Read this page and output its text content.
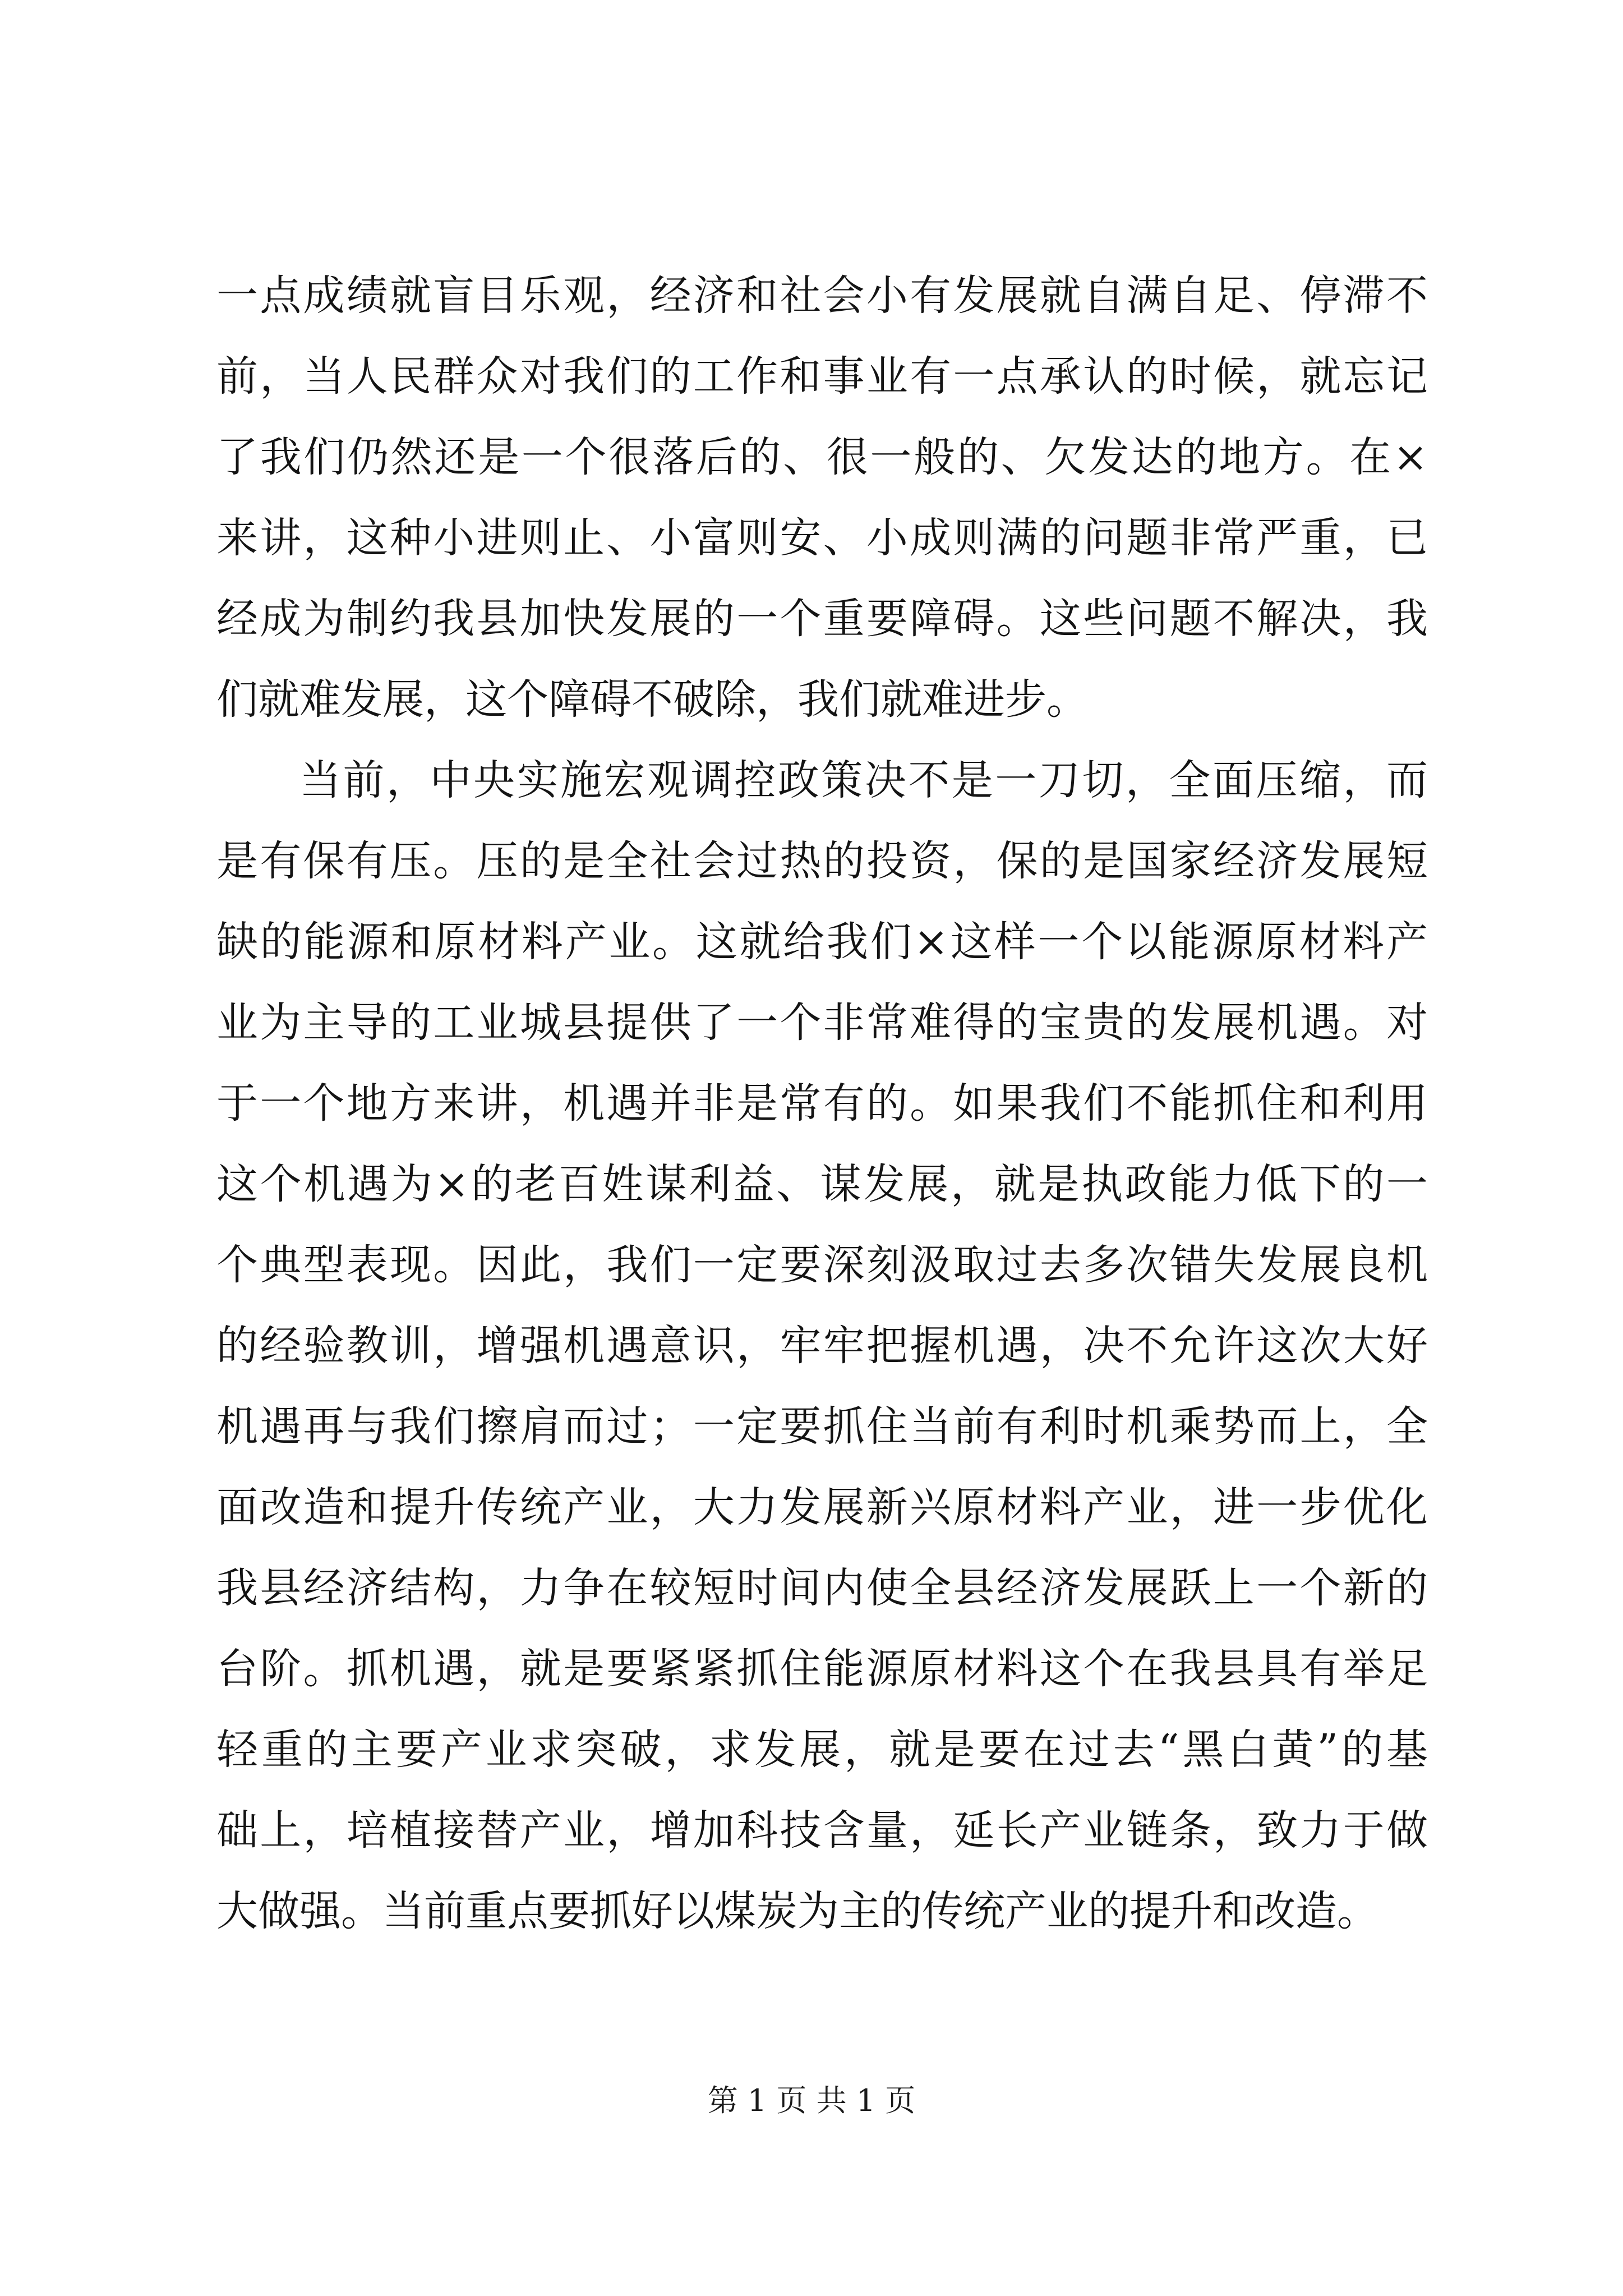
一点成绩就盲目乐观，经济和社会小有发展就自满自足、停滞不
前，当人民群众对我们的工作和事业有一点承认的时候，就忘记
了我们仍然还是一个很落后的、很一般的、欠发达的地方。在×
来讲，这种小进则止、小富则安、小成则满的问题非常严重，已
经成为制约我县加快发展的一个重要障碍。这些问题不解决，我
们就难发展，这个障碍不破除，我们就难进步。
当前，中央实施宏观调控政策决不是一刀切，全面压缩，而
是有保有压。压的是全社会过热的投资，保的是国家经济发展短
缺的能源和原材料产业。这就给我们×这样一个以能源原材料产
业为主导的工业城县提供了一个非常难得的宝贵的发展机遇。对
于一个地方来讲，机遇并非是常有的。如果我们不能抓住和利用
这个机遇为×的老百姓谋利益、谋发展，就是执政能力低下的一
个典型表现。因此，我们一定要深刻汲取过去多次错失发展良机
的经验教训，增强机遇意识，牢牢把握机遇，决不允许这次大好
机遇再与我们擦肩而过；一定要抓住当前有利时机乘势而上，全
面改造和提升传统产业，大力发展新兴原材料产业，进一步优化
我县经济结构，力争在较短时间内使全县经济发展跃上一个新的
台阶。抓机遇，就是要紧紧抓住能源原材料这个在我县具有举足
轻重的主要产业求突破，求发展，就是要在过去“黑白黄”的基
础上，培植接替产业，增加科技含量，延长产业链条，致力于做
大做强。当前重点要抓好以煤炭为主的传统产业的提升和改造。
第 1 页 共 1 页
